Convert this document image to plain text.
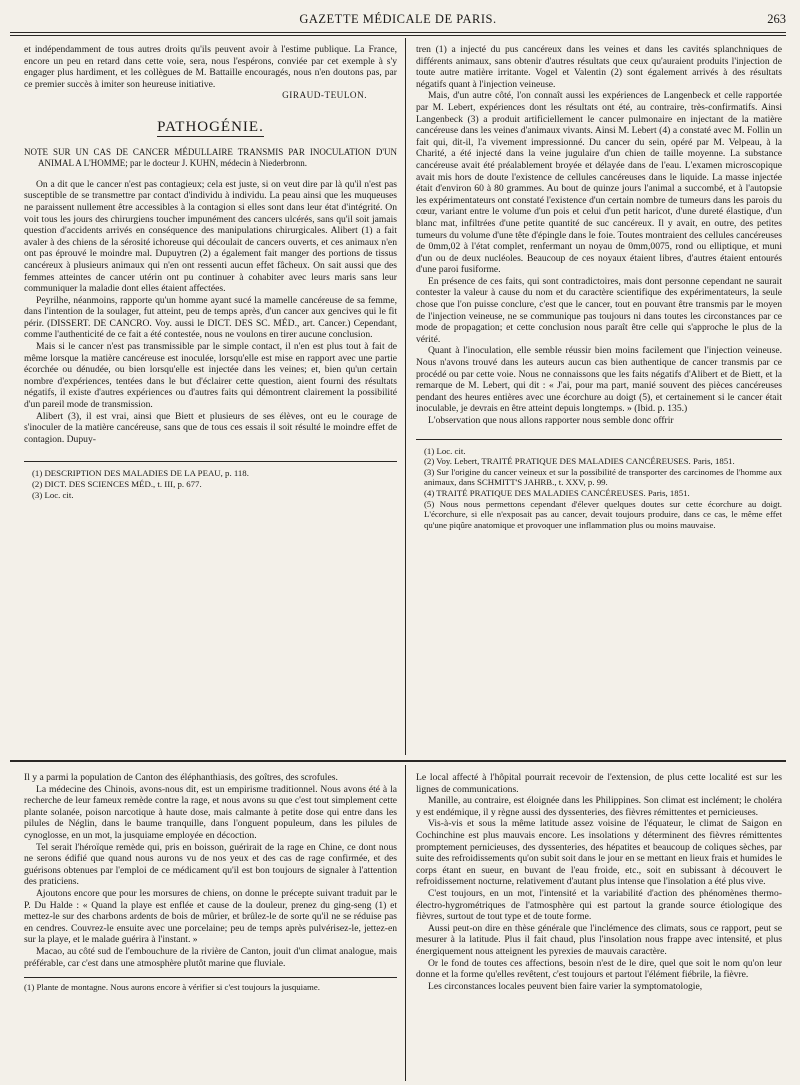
GAZETTE MÉDICALE DE PARIS.	263

et indépendamment de tous autres droits qu'ils peuvent avoir à l'estime publique. La France, encore un peu en retard dans cette voie, sera, nous l'espérons, conviée par cet exemple à s'y engager plus hardiment, et les collègues de M. Battaille encouragés, nous n'en doutons pas, par ce premier succès à imiter son heureuse initiative.

GIRAUD-TEULON.
PATHOGÉNIE.
NOTE SUR UN CAS DE CANCER MÉDULLAIRE TRANSMIS PAR INOCULATION D'UN ANIMAL A L'HOMME; par le docteur J. KUHN, médecin à Niederbronn.

On a dit que le cancer n'est pas contagieux; cela est juste, si on veut dire par là qu'il n'est pas susceptible de se transmettre par contact d'individu à individu. La peau ainsi que les muqueuses ne paraissent nullement être accessibles à la contagion si elles sont dans leur état d'intégrité. On voit tous les jours des chirurgiens toucher impunément des cancers ulcérés, sans qu'il soit jamais question d'accidents arrivés en conséquence des manipulations chirurgicales. Alibert (1) a fait avaler à des chiens de la sérosité ichoreuse qui découlait de cancers ouverts, et ces animaux n'en ont pas éprouvé le moindre mal. Dupuytren (2) a également fait manger des portions de tissus cancéreux à plusieurs animaux qui n'en ont ressenti aucun effet fâcheux. On sait aussi que des femmes atteintes de cancer utérin ont pu continuer à cohabiter avec leurs maris sans leur communiquer la maladie dont elles étaient affectées.

Peyrilhe, néanmoins, rapporte qu'un homme ayant sucé la mamelle cancéreuse de sa femme, dans l'intention de la soulager, fut atteint, peu de temps après, d'un cancer aux gencives qui le fit périr. (DISSERT. DE CANCRO. Voy. aussi le DICT. DES SC. MÉD., art. Cancer.) Cependant, comme l'authenticité de ce fait a été contestée, nous ne voulons en tirer aucune conclusion.

Mais si le cancer n'est pas transmissible par le simple contact, il n'en est plus tout à fait de même lorsque la matière cancéreuse est inoculée, lorsqu'elle est mise en rapport avec une partie écorchée ou dénudée, ou bien lorsqu'elle est injectée dans les veines; et, bien qu'un certain nombre d'expériences, tentées dans le but d'éclairer cette question, aient fourni des résultats négatifs, il existe d'autres expériences ou d'autres faits qui démontrent clairement la possibilité d'un pareil mode de transmission.

Alibert (3), il est vrai, ainsi que Biett et plusieurs de ses élèves, ont eu le courage de s'inoculer de la matière cancéreuse, sans que de tous ces essais il soit résulté le moindre effet de contagion. Dupuy-

(1) DESCRIPTION DES MALADIES DE LA PEAU, p. 118.
(2) DICT. DES SCIENCES MÉD., t. III, p. 677.
(3) Loc. cit.

tren (1) a injecté du pus cancéreux dans les veines et dans les cavités splanchniques de différents animaux, sans obtenir d'autres résultats que ceux qu'auraient produits l'injection de toute autre matière irritante. Vogel et Valentin (2) sont également arrivés à des résultats négatifs quant à l'injection veineuse.

Mais, d'un autre côté, l'on connaît aussi les expériences de Langenbeck et celle rapportée par M. Lebert, expériences dont les résultats ont été, au contraire, très-confirmatifs. Ainsi Langenbeck (3) a produit artificiellement le cancer pulmonaire en injectant de la matière cancéreuse dans les veines d'animaux vivants. Ainsi M. Lebert (4) a constaté avec M. Follin un fait qui, dit-il, l'a vivement impressionné. Du cancer du sein, opéré par M. Velpeau, à la Charité, a été injecté dans la veine jugulaire d'un chien de taille moyenne. La substance cancéreuse avait été préalablement broyée et délayée dans de l'eau. L'examen microscopique avait mis hors de doute l'existence de cellules cancéreuses dans le liquide. La masse injectée était d'environ 60 à 80 grammes. Au bout de quinze jours l'animal a succombé, et à l'autopsie les expérimentateurs ont constaté l'existence d'un certain nombre de tumeurs dans les parois du cœur, variant entre le volume d'un pois et celui d'un petit haricot, d'une dureté élastique, d'un blanc mat, infiltrées d'une petite quantité de suc cancéreux. Il y avait, en outre, des petites tumeurs du volume d'une tête d'épingle dans le foie. Toutes montraient des cellules cancéreuses de 0mm,02 à l'état complet, renfermant un noyau de 0mm,0075, rond ou elliptique, et muni d'un ou de deux nucléoles. Beaucoup de ces noyaux étaient libres, d'autres étaient entourés d'une paroi fusiforme.

En présence de ces faits, qui sont contradictoires, mais dont personne cependant ne saurait contester la valeur à cause du nom et du caractère scientifique des expérimentateurs, la seule chose que l'on puisse conclure, c'est que le cancer, tout en pouvant être transmis par le moyen de l'injection veineuse, ne se communique pas toujours ni dans toutes les circonstances par ce mode de propagation; et cette conclusion nous paraît être celle qui s'approche le plus de la vérité.

Quant à l'inoculation, elle semble réussir bien moins facilement que l'injection veineuse. Nous n'avons trouvé dans les auteurs aucun cas bien authentique de cancer transmis par ce procédé ou par cette voie. Nous ne connaissons que les faits négatifs d'Alibert et de Biett, et la remarque de M. Lebert, qui dit : « J'ai, pour ma part, manié souvent des pièces cancéreuses pendant des heures entières avec une écorchure au doigt (5), et certainement si le cancer était inoculable, je devrais en être atteint depuis longtemps. » (Ibid. p. 135.)

L'observation que nous allons rapporter nous semble donc offrir

(1) Loc. cit.
(2) Voy. Lebert, TRAITÉ PRATIQUE DES MALADIES CANCÉREUSES. Paris, 1851.
(3) Sur l'origine du cancer veineux et sur la possibilité de transporter des carcinomes de l'homme aux animaux, dans SCHMITT'S JAHRB., t. XXV, p. 99.
(4) TRAITÉ PRATIQUE DES MALADIES CANCÉREUSES. Paris, 1851.
(5) Nous nous permettons cependant d'élever quelques doutes sur cette écorchure au doigt. L'écorchure, si elle n'exposait pas au cancer, devait toujours produire, dans ce cas, le même effet qu'une piqûre anatomique et provoquer une inflammation plus ou moins mauvaise.

Il y a parmi la population de Canton des éléphanthiasis, des goîtres, des scrofules.

La médecine des Chinois, avons-nous dit, est un empirisme traditionnel. Nous avons été à la recherche de leur fameux remède contre la rage, et nous avons su que c'est tout simplement cette plante solanée, poison narcotique à haute dose, mais calmante à petite dose qui entre dans les pilules de Néglin, dans le baume tranquille, dans l'onguent populeum, dans les pilules de cynoglosse, en un mot, la jusquiame employée en décoction.

Tel serait l'héroïque remède qui, pris en boisson, guérirait de la rage en Chine, ce dont nous ne serons édifié que quand nous aurons vu de nos yeux et des cas de rage confirmée, et des guérisons obtenues par l'emploi de ce médicament qu'il est bon toujours de signaler à l'attention des praticiens.

Ajoutons encore que pour les morsures de chiens, on donne le précepte suivant traduit par le P. Du Halde : « Quand la playe est enflée et cause de la douleur, prenez du ging-seng (1) et mettez-le sur des charbons ardents de bois de mûrier, et brûlez-le de sorte qu'il ne se réduise pas en cendres. Couvrez-le ensuite avec une porcelaine; peu de temps après pulvérisez-le, jettez-en sur la playe, et le malade guérira à l'instant. »

Macao, au côté sud de l'embouchure de la rivière de Canton, jouit d'un climat analogue, mais préférable, car c'est dans une atmosphère plutôt marine que fluviale.

(1) Plante de montagne. Nous aurons encore à vérifier si c'est toujours la jusquiame.

Le local affecté à l'hôpital pourrait recevoir de l'extension, de plus cette localité est sur les lignes de communications.

Manille, au contraire, est éloignée dans les Philippines. Son climat est inclément; le choléra y est endémique, il y règne aussi des dyssenteries, des fièvres rémittentes et pernicieuses.

Vis-à-vis et sous la même latitude assez voisine de l'équateur, le climat de Saigon en Cochinchine est plus mauvais encore. Les insolations y déterminent des fièvres rémittentes promptement pernicieuses, des dyssenteries, des hépatites et beaucoup de coliques sèches, par suite des refroidissements qu'on subit soit dans le jour en se mettant en lieux frais et humides le corps étant en sueur, en buvant de l'eau froide, etc., soit en subissant à découvert le refroidissement nocturne, relativement d'autant plus intense que l'insolation a été plus vive.

C'est toujours, en un mot, l'intensité et la variabilité d'action des phénomènes thermo-électro-hygrométriques de l'atmosphère qui est partout la grande source étiologique des fièvres, surtout de tout type et de toute forme.

Aussi peut-on dire en thèse générale que l'inclémence des climats, sous ce rapport, peut se mesurer à la latitude. Plus il fait chaud, plus l'insolation nous frappe avec intensité, et plus énergiquement nous atteignent les pyrexies de mauvais caractère.

Or le fond de toutes ces affections, besoin n'est de le dire, quel que soit le nom qu'on leur donne et la forme qu'elles revêtent, c'est toujours et partout l'élément fiébrile, la fièvre.

Les circonstances locales peuvent bien faire varier la symptomatologie,
